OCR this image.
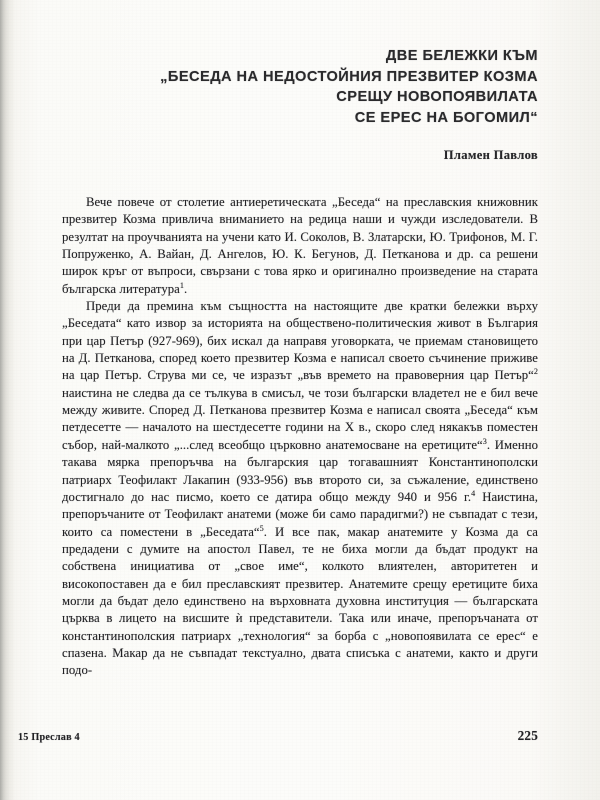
ДВЕ БЕЛЕЖКИ КЪМ
„БЕСЕДА НА НЕДОСТОЙНИЯ ПРЕЗВИТЕР КОЗМА
СРЕЩУ НОВОПОЯВИЛАТА
СЕ ЕРЕС НА БОГОМИЛ“
Пламен Павлов

Вече повече от столетие антиеретическата „Беседа“ на преславския книжовник презвитер Козма привлича вниманието на редица наши и чужди изследователи. В резултат на проучванията на учени като И. Соколов, В. Златарски, Ю. Трифонов, М. Г. Попруженко, А. Вайан, Д. Ангелов, Ю. К. Бегунов, Д. Петканова и др. са решени широк кръг от въпроси, свързани с това ярко и оригинално произведение на старата българска литература$^1$.

Преди да премина към същността на настоящите две кратки бележки върху „Беседата“ като извор за историята на обществено-политическия живот в България при цар Петър (927-969), бих искал да направя уговорката, че приемам становището на Д. Петканова, според което презвитер Козма е написал своето съчинение приживе на цар Петър. Струва ми се, че изразът „във времето на правоверния цар Петър“$^2$ наистина не следва да се тълкува в смисъл, че този български владетел не е бил вече между живите. Според Д. Петканова презвитер Козма е написал своята „Беседа“ към петдесетте — началото на шестдесетте години на Х в., скоро след някакъв поместен събор, най-малкото „...след всеобщо църковно анатемосване на еретиците“$^3$. Именно такава мярка препоръчва на българския цар тогавашният Константинополски патриарх Теофилакт Лакапин (933-956) във второто си, за съжаление, единствено достигнало до нас писмо, което се датира общо между 940 и 956 г.$^4$ Наистина, препоръчаните от Теофилакт анатеми (може би само парадигми?) не съвпадат с тези, които са поместени в „Беседата“$^5$. И все пак, макар анатемите у Козма да са предадени с думите на апостол Павел, те не биха могли да бъдат продукт на собствена инициатива от „свое име“, колкото влиятелен, авторитетен и високопоставен да е бил преславският презвитер. Анатемите срещу еретиците биха могли да бъдат дело единствено на върховната духовна институция — българската църква в лицето на висшите ѝ представители. Така или иначе, препоръчаната от константинополския патриарх „технология“ за борба с „новопоявилата се ерес“ е спазена. Макар да не съвпадат текстуално, двата списъка с анатеми, както и други подо-

15 Преслав 4	225
